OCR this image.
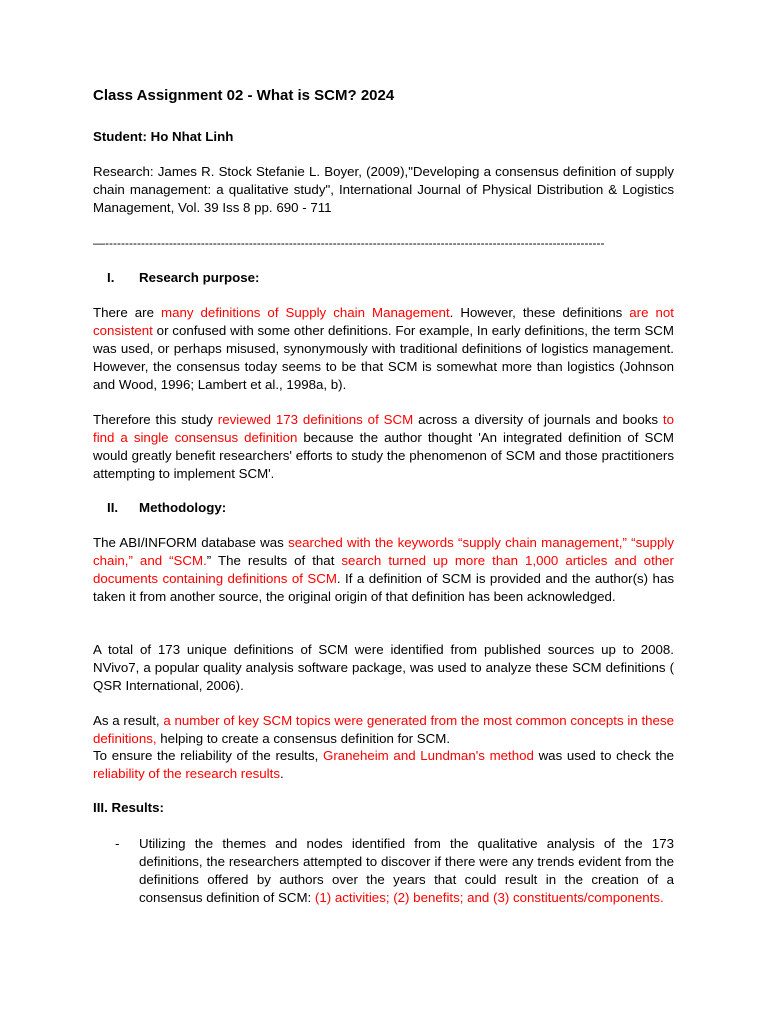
Class Assignment 02 - What is SCM? 2024
Student: Ho Nhat Linh

Research: James R. Stock Stefanie L. Boyer, (2009),"Developing a consensus definition of supply chain management: a qualitative study", International Journal of Physical Distribution & Logistics Management, Vol. 39 Iss 8 pp. 690 - 711

—-----------------------------------------------------------------------------------------------------------------------------
I. Research purpose:

There are many definitions of Supply chain Management. However, these definitions are not consistent or confused with some other definitions. For example, In early definitions, the term SCM was used, or perhaps misused, synonymously with traditional definitions of logistics management. However, the consensus today seems to be that SCM is somewhat more than logistics (Johnson and Wood, 1996; Lambert et al., 1998a, b).

Therefore this study reviewed 173 definitions of SCM across a diversity of journals and books to find a single consensus definition because the author thought 'An integrated definition of SCM would greatly benefit researchers' efforts to study the phenomenon of SCM and those practitioners attempting to implement SCM'.

II. Methodology:

The ABI/INFORM database was searched with the keywords “supply chain management,” “supply chain,” and “SCM.” The results of that search turned up more than 1,000 articles and other documents containing definitions of SCM. If a definition of SCM is provided and the author(s) has taken it from another source, the original origin of that definition has been acknowledged.

A total of 173 unique definitions of SCM were identified from published sources up to 2008. NVivo7, a popular quality analysis software package, was used to analyze these SCM definitions ( QSR International, 2006).

As a result, a number of key SCM topics were generated from the most common concepts in these definitions, helping to create a consensus definition for SCM.

To ensure the reliability of the results, Graneheim and Lundman's method was used to check the reliability of the research results.

III. Results:
- Utilizing the themes and nodes identified from the qualitative analysis of the 173 definitions, the researchers attempted to discover if there were any trends evident from the definitions offered by authors over the years that could result in the creation of a consensus definition of SCM: (1) activities; (2) benefits; and (3) constituents/components.
